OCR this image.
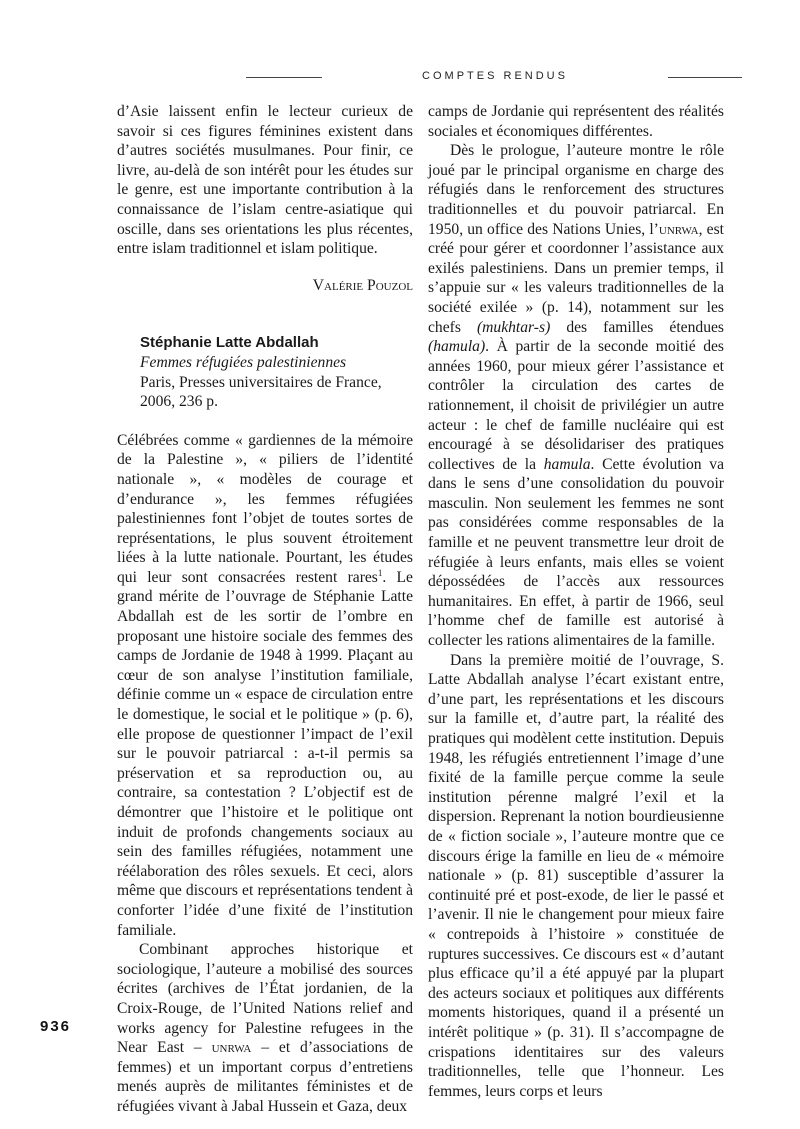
COMPTES RENDUS

d’Asie laissent enfin le lecteur curieux de savoir si ces figures féminines existent dans d’autres sociétés musulmanes. Pour finir, ce livre, au-delà de son intérêt pour les études sur le genre, est une importante contribution à la connaissance de l’islam centre-asiatique qui oscille, dans ses orientations les plus récentes, entre islam traditionnel et islam politique.

Valérie Pouzol
Stéphanie Latte Abdallah
Femmes réfugiées palestiniennes
Paris, Presses universitaires de France,
2006, 236 p.

Célébrées comme « gardiennes de la mémoire de la Palestine », « piliers de l’identité nationale », « modèles de courage et d’endurance », les femmes réfugiées palestiniennes font l’objet de toutes sortes de représentations, le plus souvent étroitement liées à la lutte nationale. Pourtant, les études qui leur sont consacrées restent rares$^1$. Le grand mérite de l’ouvrage de Stéphanie Latte Abdallah est de les sortir de l’ombre en proposant une histoire sociale des femmes des camps de Jordanie de 1948 à 1999. Plaçant au cœur de son analyse l’institution familiale, définie comme un « espace de circulation entre le domestique, le social et le politique » (p. 6), elle propose de questionner l’impact de l’exil sur le pouvoir patriarcal : a-t-il permis sa préservation et sa reproduction ou, au contraire, sa contestation ? L’objectif est de démontrer que l’histoire et le politique ont induit de profonds changements sociaux au sein des familles réfugiées, notamment une réélaboration des rôles sexuels. Et ceci, alors même que discours et représentations tendent à conforter l’idée d’une fixité de l’institution familiale.

Combinant approches historique et sociologique, l’auteure a mobilisé des sources écrites (archives de l’État jordanien, de la Croix-Rouge, de l’United Nations relief and works agency for Palestine refugees in the Near East – unrwa – et d’associations de femmes) et un important corpus d’entretiens menés auprès de militantes féministes et de réfugiées vivant à Jabal Hussein et Gaza, deux

camps de Jordanie qui représentent des réalités sociales et économiques différentes.

Dès le prologue, l’auteure montre le rôle joué par le principal organisme en charge des réfugiés dans le renforcement des structures traditionnelles et du pouvoir patriarcal. En 1950, un office des Nations Unies, l’unrwa, est créé pour gérer et coordonner l’assistance aux exilés palestiniens. Dans un premier temps, il s’appuie sur « les valeurs traditionnelles de la société exilée » (p. 14), notamment sur les chefs (mukhtar-s) des familles étendues (hamula). À partir de la seconde moitié des années 1960, pour mieux gérer l’assistance et contrôler la circulation des cartes de rationnement, il choisit de privilégier un autre acteur : le chef de famille nucléaire qui est encouragé à se désolidariser des pratiques collectives de la hamula. Cette évolution va dans le sens d’une consolidation du pouvoir masculin. Non seulement les femmes ne sont pas considérées comme responsables de la famille et ne peuvent transmettre leur droit de réfugiée à leurs enfants, mais elles se voient dépossédées de l’accès aux ressources humanitaires. En effet, à partir de 1966, seul l’homme chef de famille est autorisé à collecter les rations alimentaires de la famille.

Dans la première moitié de l’ouvrage, S. Latte Abdallah analyse l’écart existant entre, d’une part, les représentations et les discours sur la famille et, d’autre part, la réalité des pratiques qui modèlent cette institution. Depuis 1948, les réfugiés entretiennent l’image d’une fixité de la famille perçue comme la seule institution pérenne malgré l’exil et la dispersion. Reprenant la notion bourdieusienne de « fiction sociale », l’auteure montre que ce discours érige la famille en lieu de « mémoire nationale » (p. 81) susceptible d’assurer la continuité pré et post-exode, de lier le passé et l’avenir. Il nie le changement pour mieux faire « contrepoids à l’histoire » constituée de ruptures successives. Ce discours est « d’autant plus efficace qu’il a été appuyé par la plupart des acteurs sociaux et politiques aux différents moments historiques, quand il a présenté un intérêt politique » (p. 31). Il s’accompagne de crispations identitaires sur des valeurs traditionnelles, telle que l’honneur. Les femmes, leurs corps et leurs

936
